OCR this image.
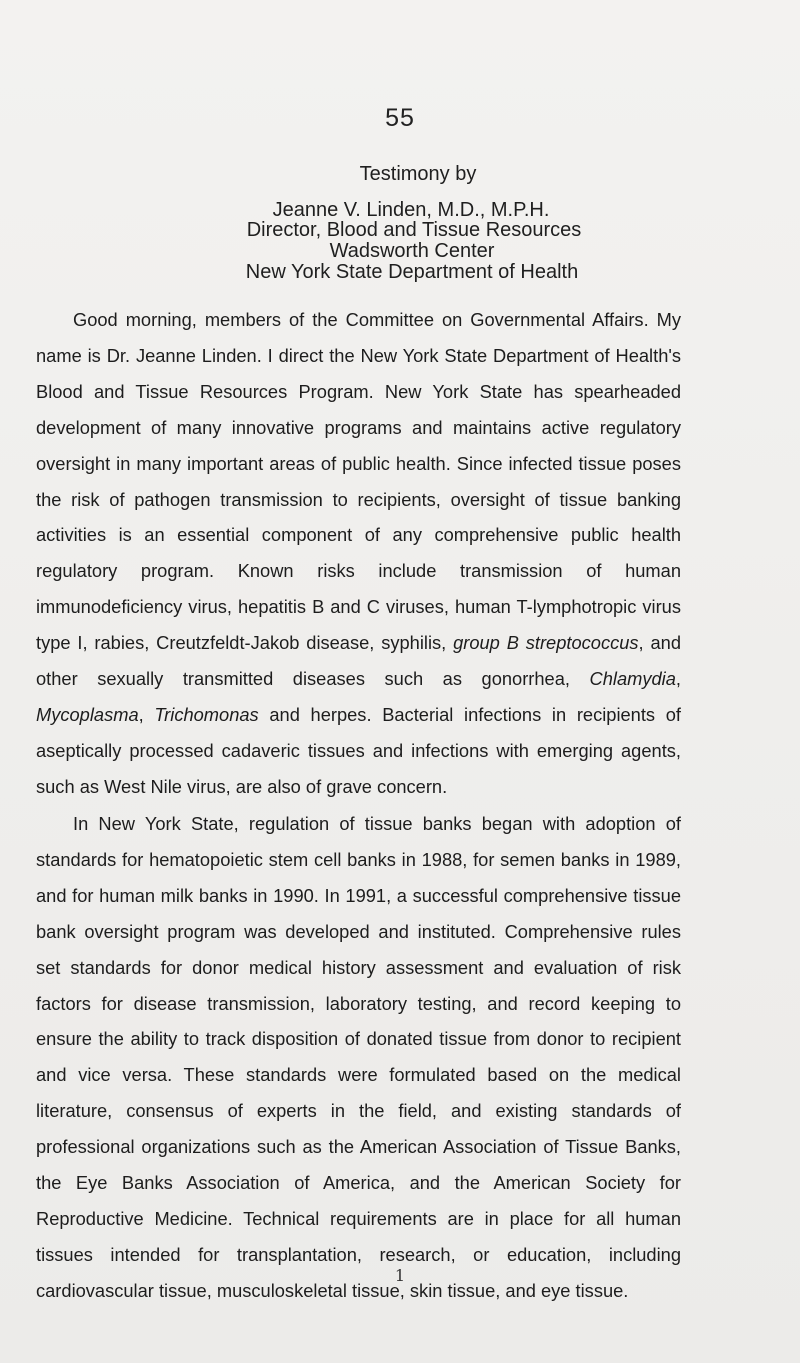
55
Testimony by
Jeanne V. Linden, M.D., M.P.H.
Director, Blood and Tissue Resources
Wadsworth Center
New York State Department of Health
Good morning, members of the Committee on Governmental Affairs. My name is Dr. Jeanne Linden. I direct the New York State Department of Health's Blood and Tissue Resources Program. New York State has spearheaded development of many innovative programs and maintains active regulatory oversight in many important areas of public health. Since infected tissue poses the risk of pathogen transmission to recipients, oversight of tissue banking activities is an essential component of any comprehensive public health regulatory program. Known risks include transmission of human immunodeficiency virus, hepatitis B and C viruses, human T-lymphotropic virus type I, rabies, Creutzfeldt-Jakob disease, syphilis, group B streptococcus, and other sexually transmitted diseases such as gonorrhea, Chlamydia, Mycoplasma, Trichomonas and herpes. Bacterial infections in recipients of aseptically processed cadaveric tissues and infections with emerging agents, such as West Nile virus, are also of grave concern.
In New York State, regulation of tissue banks began with adoption of standards for hematopoietic stem cell banks in 1988, for semen banks in 1989, and for human milk banks in 1990. In 1991, a successful comprehensive tissue bank oversight program was developed and instituted. Comprehensive rules set standards for donor medical history assessment and evaluation of risk factors for disease transmission, laboratory testing, and record keeping to ensure the ability to track disposition of donated tissue from donor to recipient and vice versa. These standards were formulated based on the medical literature, consensus of experts in the field, and existing standards of professional organizations such as the American Association of Tissue Banks, the Eye Banks Association of America, and the American Society for Reproductive Medicine. Technical requirements are in place for all human tissues intended for transplantation, research, or education, including cardiovascular tissue, musculoskeletal tissue, skin tissue, and eye tissue.
1
